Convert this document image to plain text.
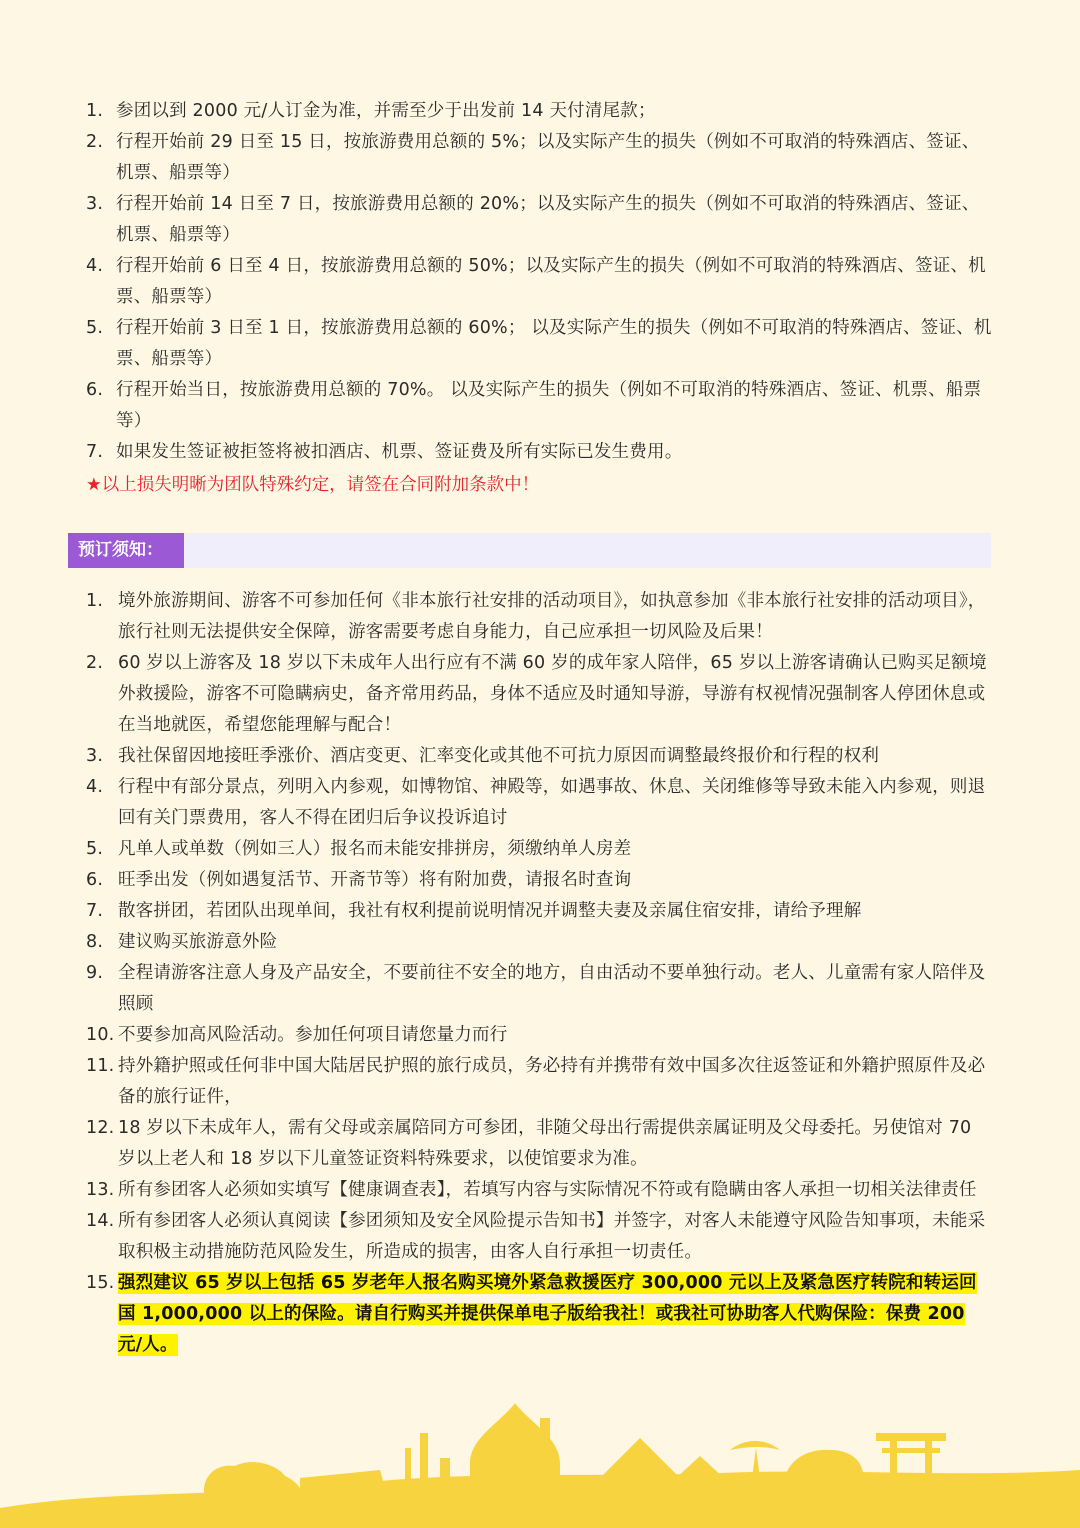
1. 参团以到 2000 元/人订金为准，并需至少于出发前 14 天付清尾款；
2. 行程开始前 29 日至 15 日，按旅游费用总额的 5%；以及实际产生的损失（例如不可取消的特殊酒店、签证、机票、船票等）
3. 行程开始前 14 日至 7 日，按旅游费用总额的 20%；以及实际产生的损失（例如不可取消的特殊酒店、签证、机票、船票等）
4. 行程开始前 6 日至 4 日，按旅游费用总额的 50%；以及实际产生的损失（例如不可取消的特殊酒店、签证、机票、船票等）
5. 行程开始前 3 日至 1 日，按旅游费用总额的 60%； 以及实际产生的损失（例如不可取消的特殊酒店、签证、机票、船票等）
6. 行程开始当日，按旅游费用总额的 70%。 以及实际产生的损失（例如不可取消的特殊酒店、签证、机票、船票等）
7. 如果发生签证被拒签将被扣酒店、机票、签证费及所有实际已发生费用。
★以上损失明晰为团队特殊约定，请签在合同附加条款中！
预订须知：
1. 境外旅游期间、游客不可参加任何《非本旅行社安排的活动项目》，如执意参加《非本旅行社安排的活动项目》，旅行社则无法提供安全保障，游客需要考虑自身能力，自己应承担一切风险及后果！
2. 60 岁以上游客及 18 岁以下未成年人出行应有不满 60 岁的成年家人陪伴，65 岁以上游客请确认已购买足额境外救援险，游客不可隐瞒病史，备齐常用药品，身体不适应及时通知导游，导游有权视情况强制客人停团休息或在当地就医，希望您能理解与配合！
3. 我社保留因地接旺季涨价、酒店变更、汇率变化或其他不可抗力原因而调整最终报价和行程的权利
4. 行程中有部分景点，列明入内参观，如博物馆、神殿等，如遇事故、休息、关闭维修等导致未能入内参观，则退回有关门票费用，客人不得在团归后争议投诉追讨
5. 凡单人或单数（例如三人）报名而未能安排拼房，须缴纳单人房差
6. 旺季出发（例如遇复活节、开斋节等）将有附加费，请报名时查询
7. 散客拼团，若团队出现单间，我社有权利提前说明情况并调整夫妻及亲属住宿安排，请给予理解
8. 建议购买旅游意外险
9. 全程请游客注意人身及产品安全，不要前往不安全的地方，自由活动不要单独行动。老人、儿童需有家人陪伴及照顾
10. 不要参加高风险活动。参加任何项目请您量力而行
11. 持外籍护照或任何非中国大陆居民护照的旅行成员，务必持有并携带有效中国多次往返签证和外籍护照原件及必备的旅行证件，
12. 18 岁以下未成年人，需有父母或亲属陪同方可参团，非随父母出行需提供亲属证明及父母委托。另使馆对 70 岁以上老人和 18 岁以下儿童签证资料特殊要求，以使馆要求为准。
13. 所有参团客人必须如实填写【健康调查表】，若填写内容与实际情况不符或有隐瞒由客人承担一切相关法律责任
14. 所有参团客人必须认真阅读【参团须知及安全风险提示告知书】并签字，对客人未能遵守风险告知事项，未能采取积极主动措施防范风险发生，所造成的损害，由客人自行承担一切责任。
15. 强烈建议 65 岁以上包括 65 岁老年人报名购买境外紧急救援医疗 300,000 元以上及紧急医疗转院和转运回国 1,000,000 以上的保险。请自行购买并提供保单电子版给我社！或我社可协助客人代购保险：保费 200 元/人。
